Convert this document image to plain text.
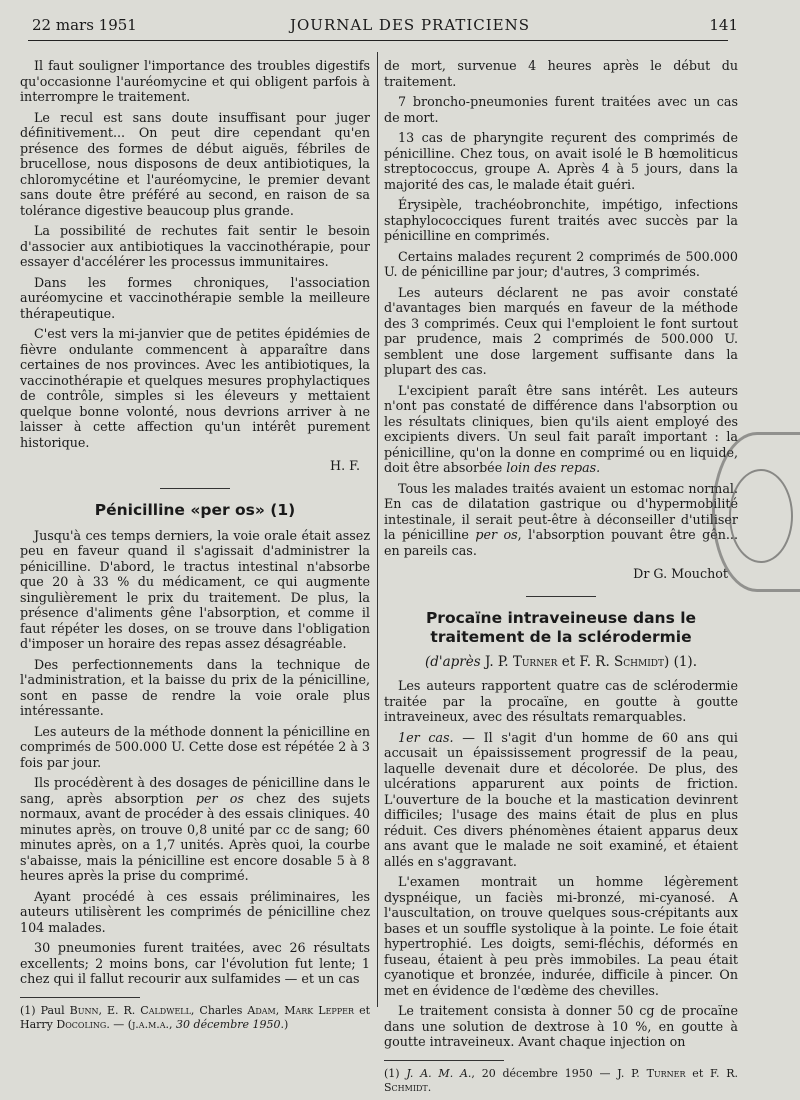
22 mars 1951	JOURNAL DES PRATICIENS	141

Il faut souligner l'importance des troubles digestifs qu'occasionne l'auréomycine et qui obligent parfois à interrompre le traitement.

Le recul est sans doute insuffisant pour juger définitivement... On peut dire cependant qu'en présence des formes de début aiguës, fébriles de brucellose, nous disposons de deux antibiotiques, la chloromycétine et l'auréomycine, le premier devant sans doute être préféré au second, en raison de sa tolérance digestive beaucoup plus grande.

La possibilité de rechutes fait sentir le besoin d'associer aux antibiotiques la vaccinothérapie, pour essayer d'accélérer les processus immunitaires.

Dans les formes chroniques, l'association auréomycine et vaccinothérapie semble la meilleure thérapeutique.

C'est vers la mi-janvier que de petites épidémies de fièvre ondulante commencent à apparaître dans certaines de nos provinces. Avec les antibiotiques, la vaccinothérapie et quelques mesures prophylactiques de contrôle, simples si les éleveurs y mettaient quelque bonne volonté, nous devrions arriver à ne laisser à cette affection qu'un intérêt purement historique.

H. F.
Pénicilline «per os» (1)

Jusqu'à ces temps derniers, la voie orale était assez peu en faveur quand il s'agissait d'administrer la pénicilline. D'abord, le tractus intestinal n'absorbe que 20 à 33 % du médicament, ce qui augmente singulièrement le prix du traitement. De plus, la présence d'aliments gêne l'absorption, et comme il faut répéter les doses, on se trouve dans l'obligation d'imposer un horaire des repas assez désagréable.

Des perfectionnements dans la technique de l'administration, et la baisse du prix de la pénicilline, sont en passe de rendre la voie orale plus intéressante.

Les auteurs de la méthode donnent la pénicilline en comprimés de 500.000 U. Cette dose est répétée 2 à 3 fois par jour.

Ils procédèrent à des dosages de pénicilline dans le sang, après absorption per os chez des sujets normaux, avant de procéder à des essais cliniques. 40 minutes après, on trouve 0,8 unité par cc de sang; 60 minutes après, on a 1,7 unités. Après quoi, la courbe s'abaisse, mais la pénicilline est encore dosable 5 à 8 heures après la prise du comprimé.

Ayant procédé à ces essais préliminaires, les auteurs utilisèrent les comprimés de pénicilline chez 104 malades.

30 pneumonies furent traitées, avec 26 résultats excellents; 2 moins bons, car l'évolution fut lente; 1 chez qui il fallut recourir aux sulfamides — et un cas

(1) Paul Bunn, E. R. Caldwell, Charles Adam, Mark Lepper et Harry Docoling. — (j.a.m.a., 30 décembre 1950.)

de mort, survenue 4 heures après le début du traitement.

7 broncho-pneumonies furent traitées avec un cas de mort.

13 cas de pharyngite reçurent des comprimés de pénicilline. Chez tous, on avait isolé le B hœmoliticus streptococcus, groupe A. Après 4 à 5 jours, dans la majorité des cas, le malade était guéri.

Érysipèle, trachéobronchite, impétigo, infections staphylococciques furent traités avec succès par la pénicilline en comprimés.

Certains malades reçurent 2 comprimés de 500.000 U. de pénicilline par jour; d'autres, 3 comprimés.

Les auteurs déclarent ne pas avoir constaté d'avantages bien marqués en faveur de la méthode des 3 comprimés. Ceux qui l'emploient le font surtout par prudence, mais 2 comprimés de 500.000 U. semblent une dose largement suffisante dans la plupart des cas.

L'excipient paraît être sans intérêt. Les auteurs n'ont pas constaté de différence dans l'absorption ou les résultats cliniques, bien qu'ils aient employé des excipients divers. Un seul fait paraît important : la pénicilline, qu'on la donne en comprimé ou en liquide, doit être absorbée loin des repas.

Tous les malades traités avaient un estomac normal. En cas de dilatation gastrique ou d'hypermobilité intestinale, il serait peut-être à déconseiller d'utiliser la pénicilline per os, l'absorption pouvant être gên... en pareils cas.

Dr G. Mouchot
Procaïne intraveineuse dans le traitement de la sclérodermie
(d'après J. P. Turner et F. R. Schmidt) (1).

Les auteurs rapportent quatre cas de sclérodermie traitée par la procaïne, en goutte à goutte intraveineux, avec des résultats remarquables.

1er cas. — Il s'agit d'un homme de 60 ans qui accusait un épaississement progressif de la peau, laquelle devenait dure et décolorée. De plus, des ulcérations apparurent aux points de friction. L'ouverture de la bouche et la mastication devinrent difficiles; l'usage des mains était de plus en plus réduit. Ces divers phénomènes étaient apparus deux ans avant que le malade ne soit examiné, et étaient allés en s'aggravant.

L'examen montrait un homme légèrement dyspnéique, un faciès mi-bronzé, mi-cyanosé. A l'auscultation, on trouve quelques sous-crépitants aux bases et un souffle systolique à la pointe. Le foie était hypertrophié. Les doigts, semi-fléchis, déformés en fuseau, étaient à peu près immobiles. La peau était cyanotique et bronzée, indurée, difficile à pincer. On met en évidence de l'œdème des chevilles.

Le traitement consista à donner 50 cg de procaïne dans une solution de dextrose à 10 %, en goutte à goutte intraveineux. Avant chaque injection on

(1) J. A. M. A., 20 décembre 1950 — J. P. Turner et F. R. Schmidt.
